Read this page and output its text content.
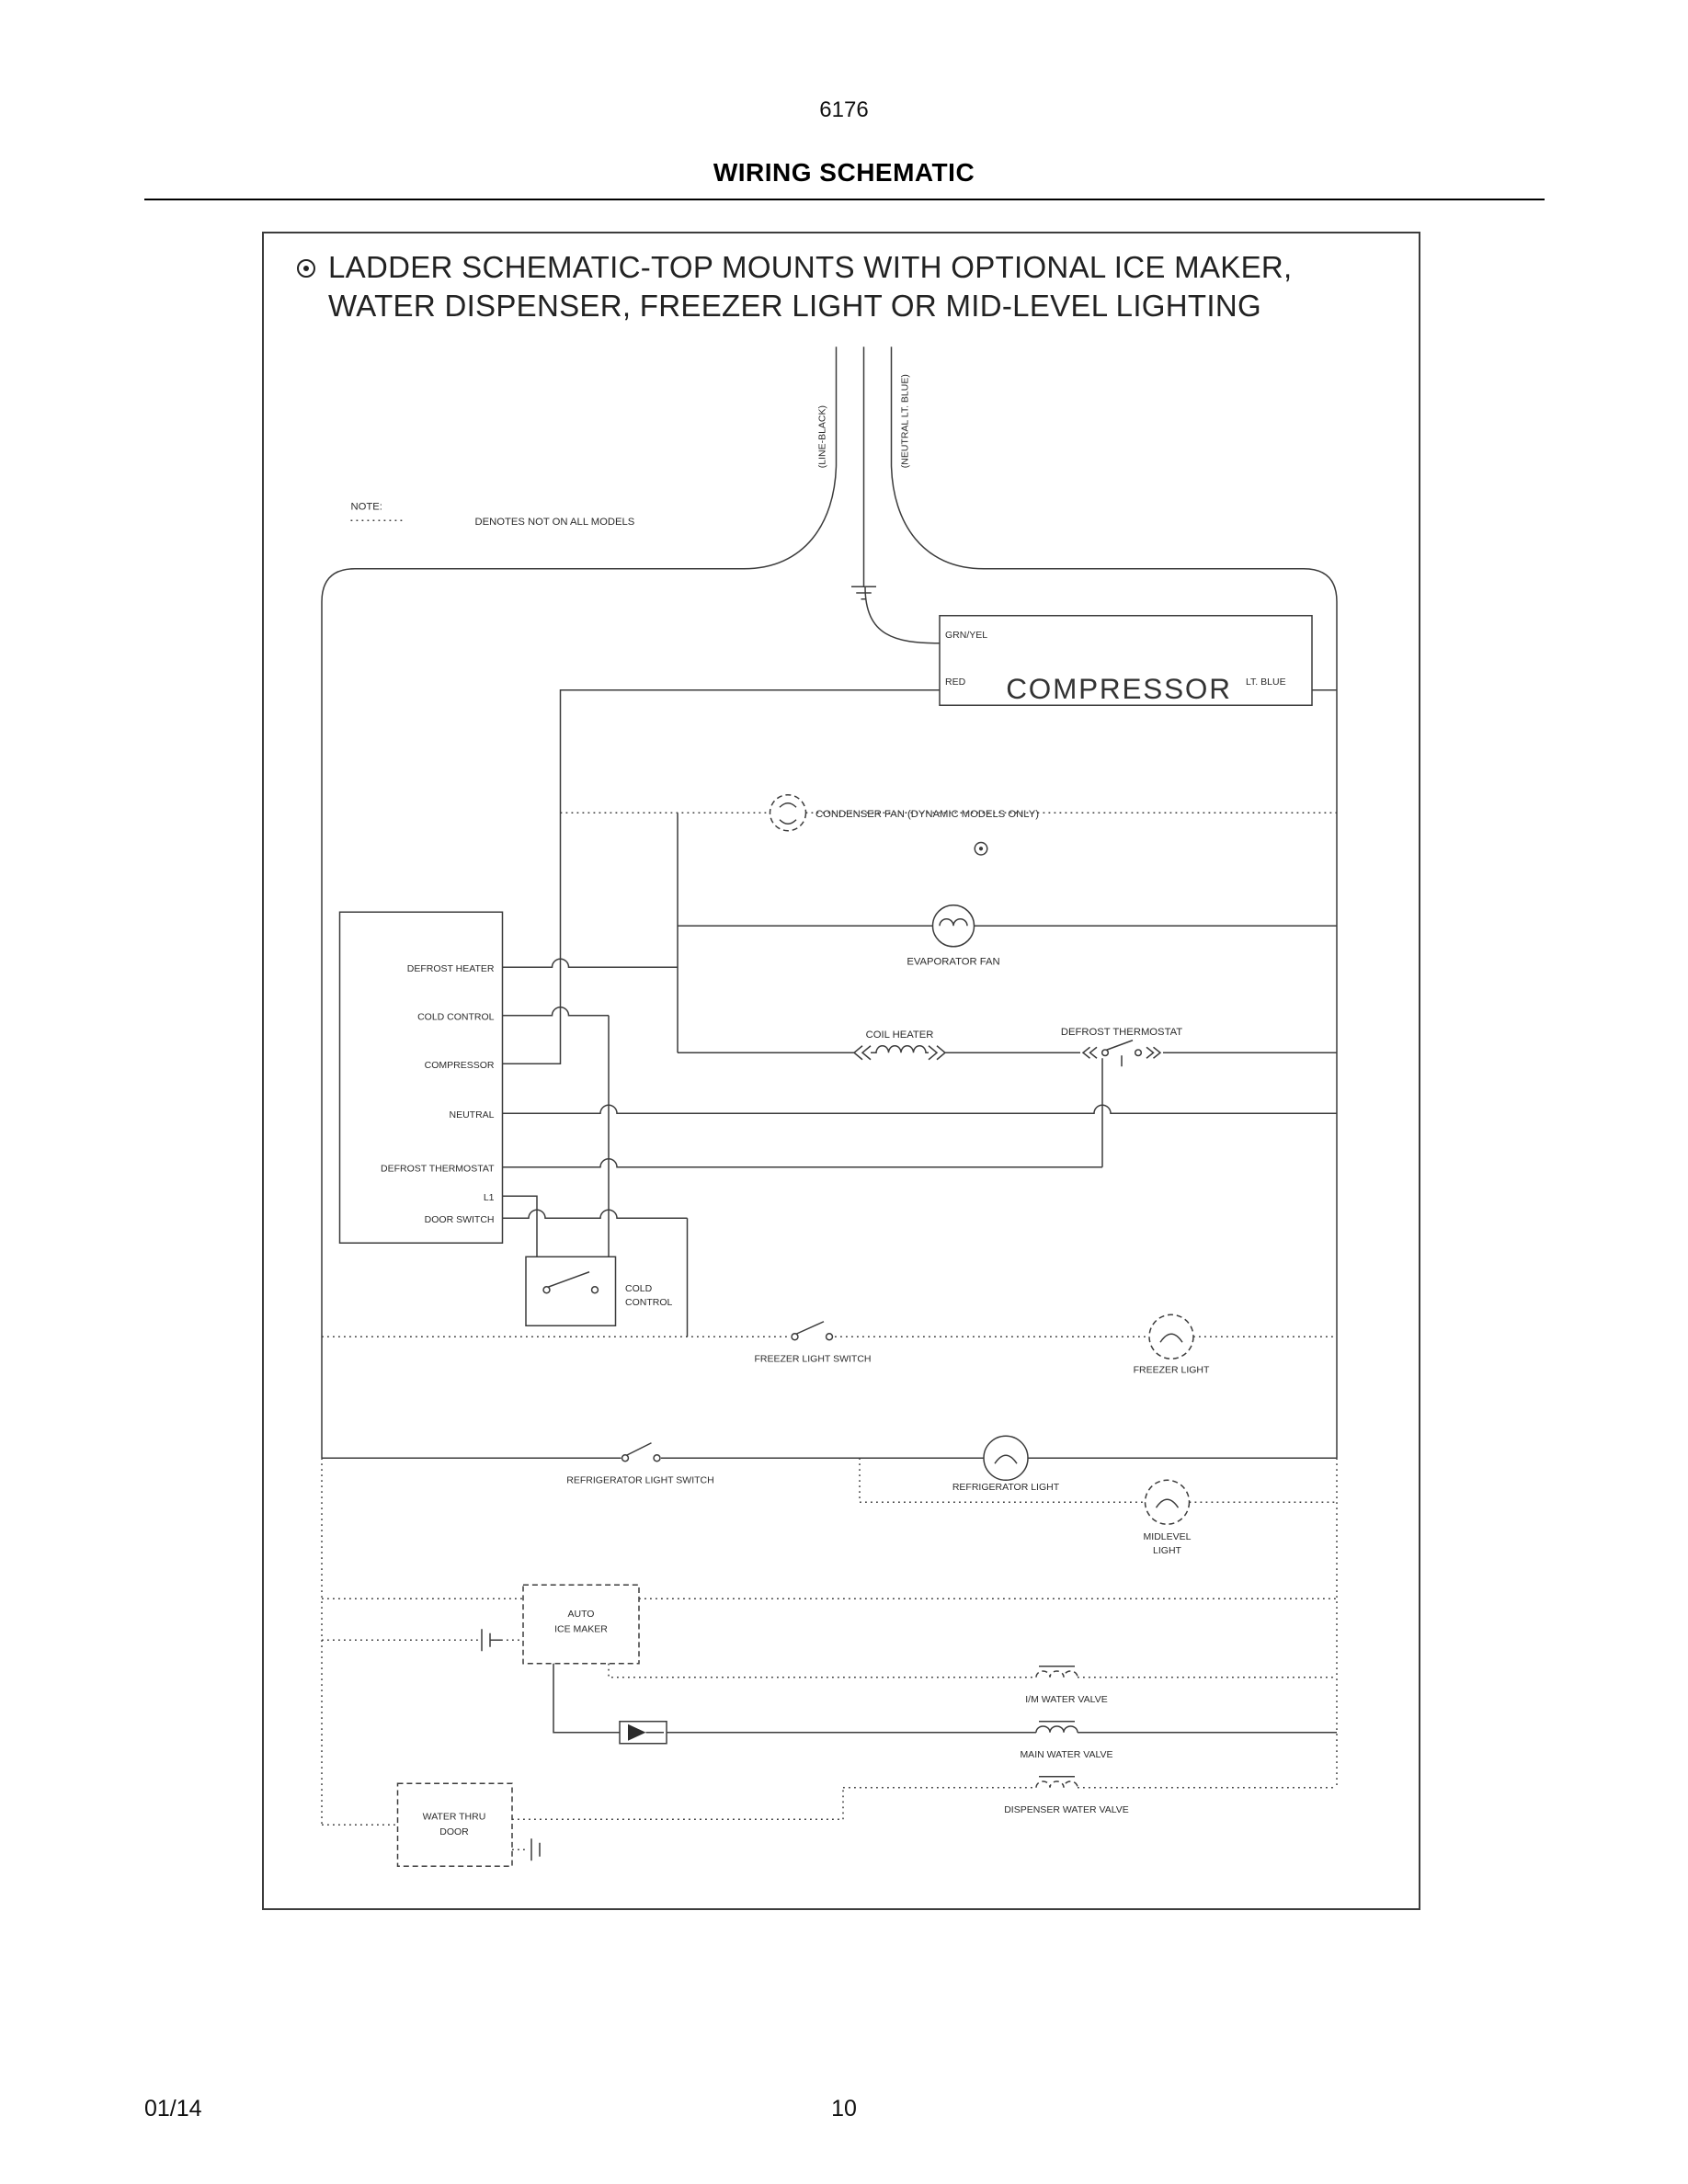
6176
WIRING SCHEMATIC
LADDER SCHEMATIC-TOP MOUNTS WITH OPTIONAL ICE MAKER,
WATER DISPENSER, FREEZER LIGHT OR MID-LEVEL LIGHTING
(LINE-BLACK)	(NEUTRAL LT. BLUE)
NOTE:
DENOTES NOT ON ALL MODELS
GRN/YEL
RED COMPRESSOR LT. BLUE
CONDENSER FAN (DYNAMIC MODELS ONLY)
EVAPORATOR FAN
COIL HEATER	DEFROST THERMOSTAT
DEFROST HEATER
COLD CONTROL
COMPRESSOR
NEUTRAL
DEFROST THERMOSTAT
L1
DOOR SWITCH
COLD
CONTROL
FREEZER LIGHT SWITCH
FREEZER LIGHT
REFRIGERATOR LIGHT SWITCH
REFRIGERATOR LIGHT
MIDLEVEL
LIGHT
AUTO
ICE MAKER
I/M WATER VALVE
MAIN WATER VALVE
DISPENSER WATER VALVE
WATER THRU
DOOR
01/14	10
